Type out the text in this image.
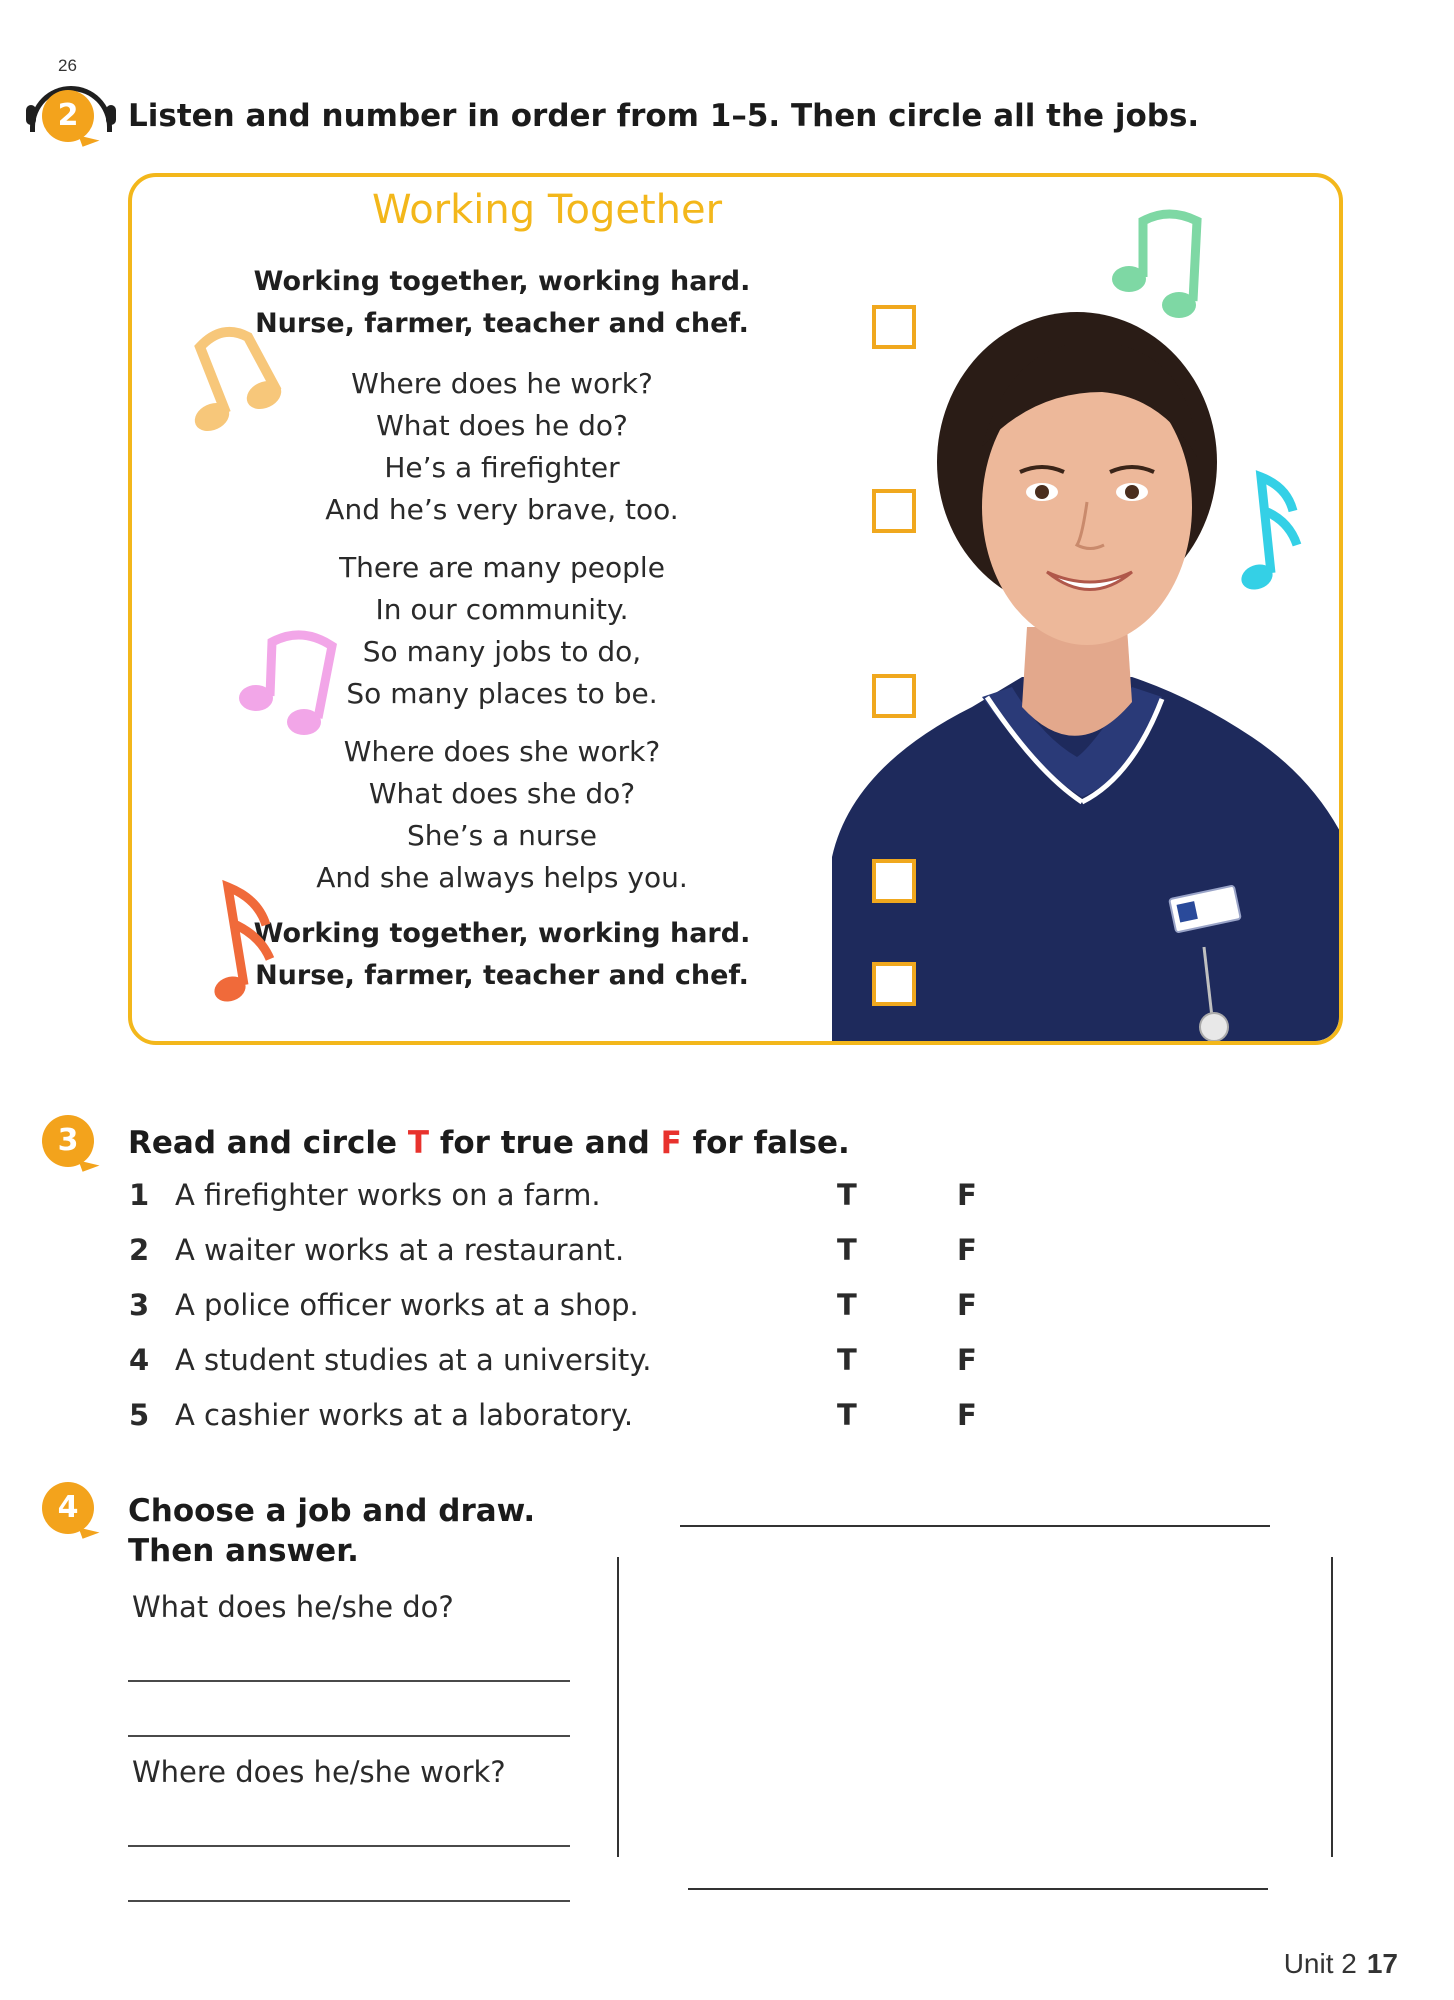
26
2	Listen and number in order from 1–5. Then circle all the jobs.
Working Together
Working together, working hard.
Nurse, farmer, teacher and chef.
Where does he work?
What does he do?
He’s a firefighter
And he’s very brave, too.
There are many people
In our community.
So many jobs to do,
So many places to be.
Where does she work?
What does she do?
She’s a nurse
And she always helps you.
Working together, working hard.
Nurse, farmer, teacher and chef.
3	Read and circle T for true and F for false.
1 A firefighter works on a farm.	T	F
2 A waiter works at a restaurant.	T	F
3 A police officer works at a shop.	T	F
4 A student studies at a university.	T	F
5 A cashier works at a laboratory.	T	F
4	Choose a job and draw.
Then answer.
What does he/she do?
Where does he/she work?
Unit 2 17
